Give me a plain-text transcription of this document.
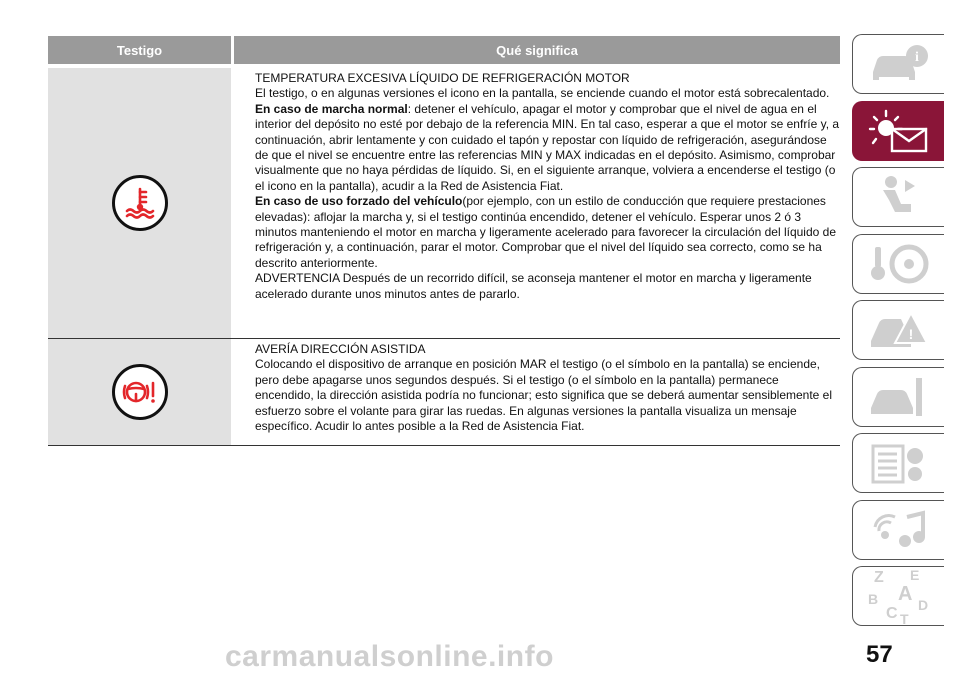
Testigo	Qué significa

TEMPERATURA EXCESIVA LÍQUIDO DE REFRIGERACIÓN MOTOR

El testigo, o en algunas versiones el icono en la pantalla, se enciende cuando el motor está sobrecalentado.

En caso de marcha normal: detener el vehículo, apagar el motor y comprobar que el nivel de agua en el interior del depósito no esté por debajo de la referencia MIN. En tal caso, esperar a que el motor se enfríe y, a continuación, abrir lentamente y con cuidado el tapón y repostar con líquido de refrigeración, asegurándose de que el nivel se encuentre entre las referencias MIN y MAX indicadas en el depósito. Asimismo, comprobar visualmente que no haya pérdidas de líquido. Si, en el siguiente arranque, volviera a encenderse el testigo (o el icono en la pantalla), acudir a la Red de Asistencia Fiat.

En caso de uso forzado del vehículo(por ejemplo, con un estilo de conducción que requiere prestaciones elevadas): aflojar la marcha y, si el testigo continúa encendido, detener el vehículo. Esperar unos 2 ó 3 minutos manteniendo el motor en marcha y ligeramente acelerado para favorecer la circulación del líquido de refrigeración y, a continuación, parar el motor. Comprobar que el nivel del líquido sea correcto, como se ha descrito anteriormente.

ADVERTENCIA Después de un recorrido difícil, se aconseja mantener el motor en marcha y ligeramente acelerado durante unos minutos antes de pararlo.

AVERÍA DIRECCIÓN ASISTIDA

Colocando el dispositivo de arranque en posición MAR el testigo (o el símbolo en la pantalla) se enciende, pero debe apagarse unos segundos después. Si el testigo (o el símbolo en la pantalla) permanece encendido, la dirección asistida podría no funcionar; esto significa que se deberá aumentar sensiblemente el esfuerzo sobre el volante para girar las ruedas. En algunas versiones la pantalla visualiza un mensaje específico. Acudir lo antes posible a la Red de Asistencia Fiat.

i
!
Z E
B A
C D
T
carmanualsonline.info	57
